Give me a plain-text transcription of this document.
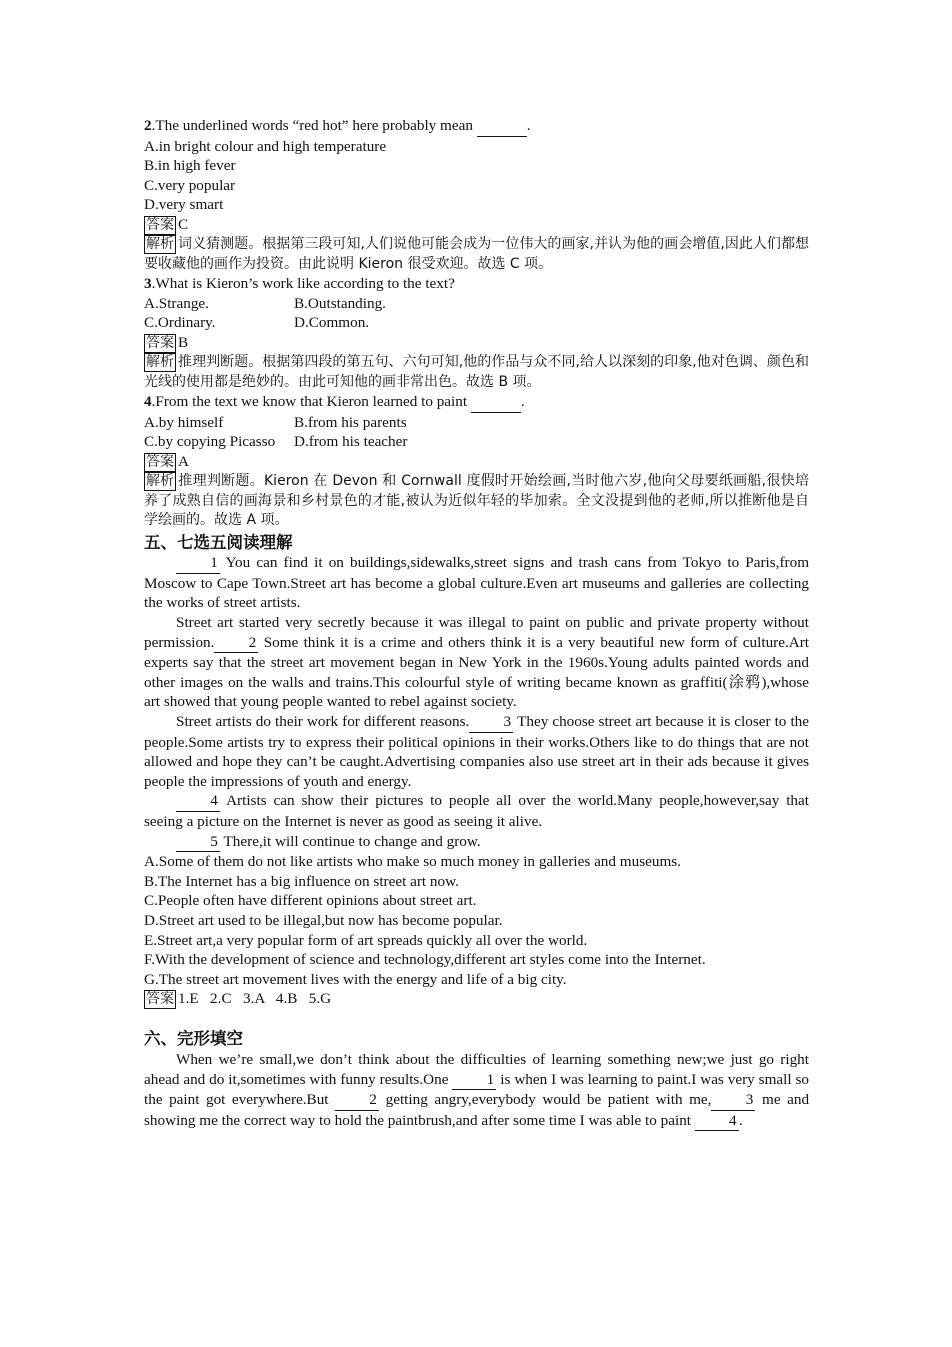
2.The underlined words “red hot” here probably mean	.
A.in bright colour and high temperature
B.in high fever
C.very popular
D.very smart
答案 C
解析 词义猜测题。根据第三段可知,人们说他可能会成为一位伟大的画家,并认为他的画会增值,因此人们都想要收藏他的画作为投资。由此说明 Kieron 很受欢迎。故选 C 项。
3.What is Kieron’s work like according to the text?
A.Strange.	B.Outstanding.
C.Ordinary.	D.Common.
答案 B
解析 推理判断题。根据第四段的第五句、六句可知,他的作品与众不同,给人以深刻的印象,他对色调、颜色和光线的使用都是绝妙的。由此可知他的画非常出色。故选 B 项。
4.From the text we know that Kieron learned to paint	.
A.by himself	B.from his parents
C.by copying Picasso	D.from his teacher
答案 A
解析 推理判断题。Kieron 在 Devon 和 Cornwall 度假时开始绘画,当时他六岁,他向父母要纸画船,很快培养了成熟自信的画海景和乡村景色的才能,被认为近似年轻的毕加索。全文没提到他的老师,所以推断他是自学绘画的。故选 A 项。
五、七选五阅读理解
1 You can find it on buildings,sidewalks,street signs and trash cans from Tokyo to Paris,from Moscow to Cape Town.Street art has become a global culture.Even art museums and galleries are collecting the works of street artists.
Street art started very secretly because it was illegal to paint on public and private property without permission. 2 Some think it is a crime and others think it is a very beautiful new form of culture.Art experts say that the street art movement began in New York in the 1960s.Young adults painted words and other images on the walls and trains.This colourful style of writing became known as graffiti(涂鸦),whose art showed that young people wanted to rebel against society.
Street artists do their work for different reasons. 3 They choose street art because it is closer to the people.Some artists try to express their political opinions in their works.Others like to do things that are not allowed and hope they can’t be caught.Advertising companies also use street art in their ads because it gives people the impressions of youth and energy.
4 Artists can show their pictures to people all over the world.Many people,however,say that seeing a picture on the Internet is never as good as seeing it alive.
5 There,it will continue to change and grow.
A.Some of them do not like artists who make so much money in galleries and museums.
B.The Internet has a big influence on street art now.
C.People often have different opinions about street art.
D.Street art used to be illegal,but now has become popular.
E.Street art,a very popular form of art spreads quickly all over the world.
F.With the development of science and technology,different art styles come into the Internet.
G.The street art movement lives with the energy and life of a big city.
答案 1.E   2.C   3.A   4.B   5.G
六、完形填空
When we’re small,we don’t think about the difficulties of learning something new;we just go right ahead and do it,sometimes with funny results.One	1 is when I was learning to paint.I was very small so the paint got everywhere.But	2 getting angry,everybody would be patient with me, 3 me and showing me the correct way to hold the paintbrush,and after some time I was able to paint	4 .
